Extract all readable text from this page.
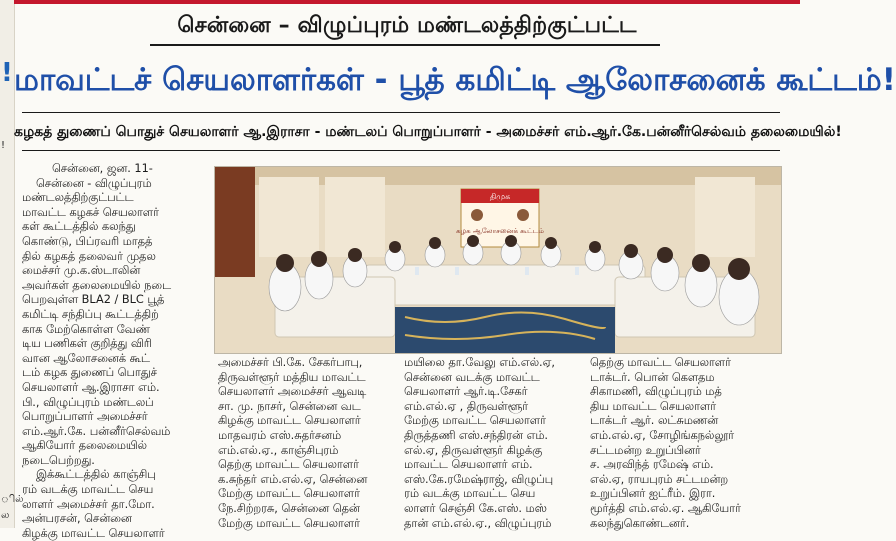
!
!
ில்
ல
சென்னை – விழுப்புரம் மண்டலத்திற்குட்பட்ட
மாவட்டச் செயலாளர்கள் - பூத் கமிட்டி ஆலோசனைக் கூட்டம்!
கழகத் துணைப் பொதுச் செயலாளர் ஆ.இராசா - மண்டலப் பொறுப்பாளர் - அமைச்சர் எம்.ஆர்.கே.பன்னீர்செல்வம் தலைமையில்!

சென்னை, ஜன. 11-

சென்னை - விழுப்புரம்

மண்டலத்திற்குட்பட்ட

மாவட்ட கழகச் செயலாளர்

கள் கூட்டத்தில் கலந்து

கொண்டு, பிப்ரவரி மாதத்

தில் கழகத் தலைவர் முதல

மைச்சர் மு.க.ஸ்டாலின்

அவர்கள் தலைமையில் நடை

பெறவுள்ள BLA2 / BLC பூத்

கமிட்டி சந்திப்பு கூட்டத்திற்

காக மேற்கொள்ள வேண்

டிய பணிகள் குறித்து விரி

வான ஆலோசனைக் கூட்

டம் கழக துணைப் பொதுச்

செயலாளர் ஆ.இராசா எம்.

பி., விழுப்புரம் மண்டலப்

பொறுப்பாளர் அமைச்சர்

எம்.ஆர்.கே. பன்னீர்செல்வம்

ஆகியோர் தலைமையில்

நடைபெற்றது.

இக்கூட்டத்தில் காஞ்சிபு

ரம் வடக்கு மாவட்ட செய

லாளர் அமைச்சர் தா.மோ.

அன்பரசன், சென்னை

கிழக்கு மாவட்ட செயலாளர்

திமுக
கழக ஆலோசனைக் கூட்டம்

அமைச்சர் பி.கே. சேகர்பாபு,

திருவள்ளூர் மத்திய மாவட்ட

செயலாளர் அமைச்சர் ஆவடி

சா. மு. நாசர், சென்னை வட

கிழக்கு மாவட்ட செயலாளர்

மாதவரம் எஸ்.சுதர்சனம்

எம்.எல்.ஏ., காஞ்சிபுரம்

தெற்கு மாவட்ட செயலாளர்

க.சுந்தர் எம்.எல்.ஏ, சென்னை

மேற்கு மாவட்ட செயலாளர்

நே.சிற்றரசு, சென்னை தென்

மேற்கு மாவட்ட செயலாளர்

மயிலை தா.வேலு எம்.எல்.ஏ,

சென்னை வடக்கு மாவட்ட

செயலாளர் ஆர்.டி.சேகர்

எம்.எல்.ஏ , திருவள்ளூர்

மேற்கு மாவட்ட செயலாளர்

திருத்தணி எஸ்.சந்திரன் எம்.

எல்.ஏ, திருவள்ளூர் கிழக்கு

மாவட்ட செயலாளர் எம்.

எஸ்.கே.ரமேஷ்ராஜ், விழுப்பு

ரம் வடக்கு மாவட்ட செய

லாளர் செஞ்சி கே.எஸ். மஸ்

தான் எம்.எல்.ஏ., விழுப்புரம்

தெற்கு மாவட்ட செயலாளர்

டாக்டர். பொன் கௌதம

சிகாமணி, விழுப்புரம் மத்

திய மாவட்ட செயலாளர்

டாக்டர் ஆர். லட்சுமணன்

எம்.எல்.ஏ, சோழிங்கநல்லூர்

சட்டமன்ற உறுப்பினர்

ச. அரவிந்த் ரமேஷ் எம்.

எல்.ஏ, ராயபுரம் சட்டமன்ற

உறுப்பினர் ஐட்ரீம். இரா.

மூர்த்தி எம்.எல்.ஏ. ஆகியோர்

கலந்துகொண்டனர்.
